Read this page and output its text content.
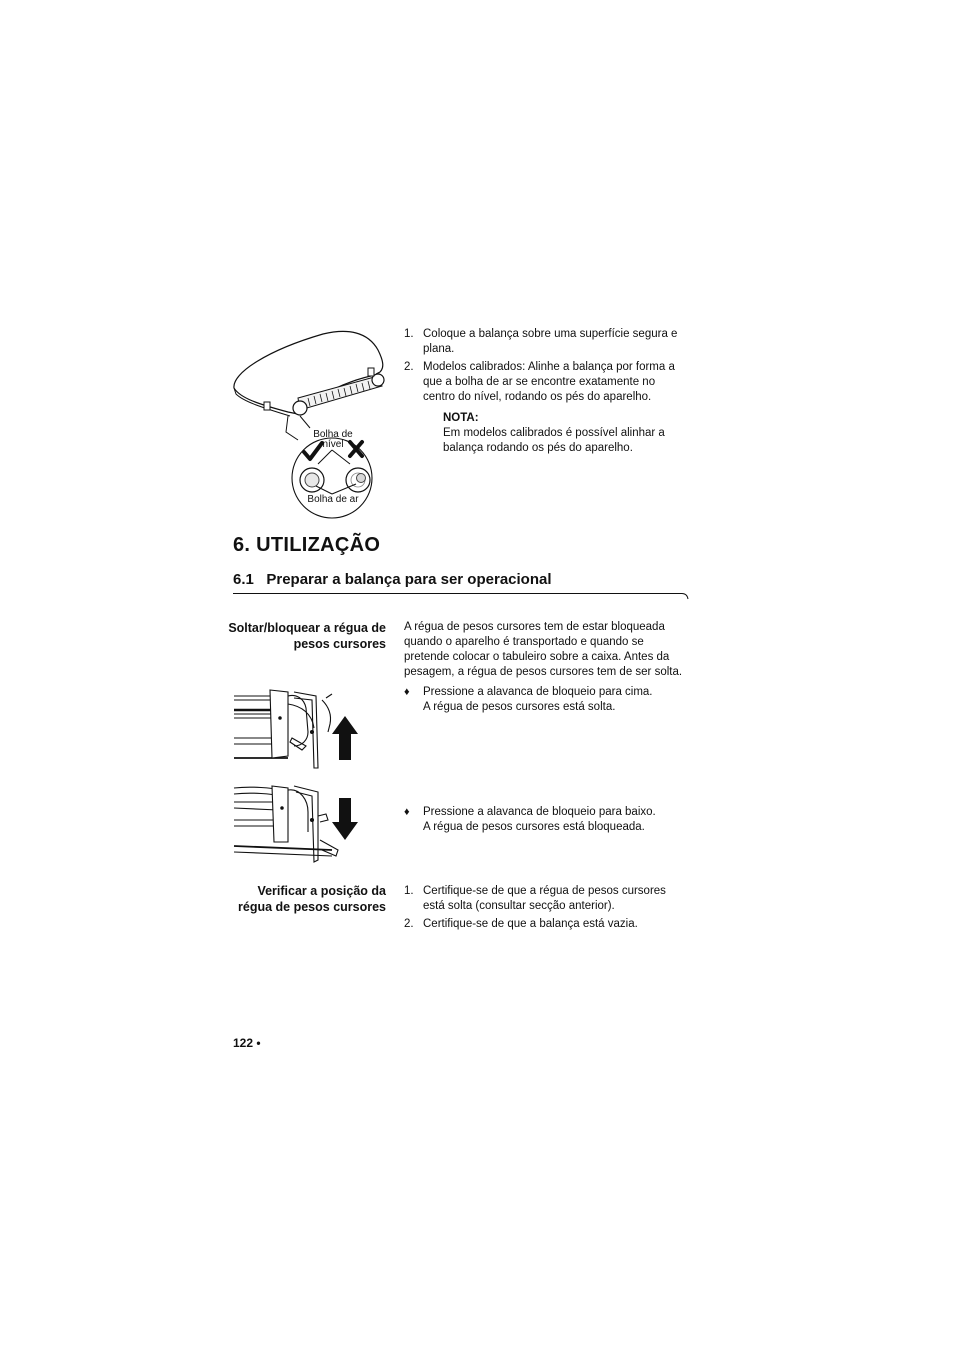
Bolha de nível
Bolha de ar
1. Coloque a balança sobre uma superfície segura e plana.
2. Modelos calibrados: Alinhe a balança por forma a que a bolha de ar se encontre exatamente no centro do nível, rodando os pés do aparelho.
NOTA:
Em modelos calibrados é possível alinhar a balança rodando os pés do aparelho.
6. UTILIZAÇÃO
6.1   Preparar a balança para ser operacional
Soltar/bloquear a régua de pesos cursores
A régua de pesos cursores tem de estar bloqueada quando o aparelho é transportado e quando se pretende colocar o tabuleiro sobre a caixa. Antes da pesagem, a régua de pesos cursores tem de ser solta.
♦ Pressione a alavanca de bloqueio para cima.
A régua de pesos cursores está solta.
♦ Pressione a alavanca de bloqueio para baixo.
A régua de pesos cursores está bloqueada.
Verificar a posição da régua de pesos cursores
1. Certifique-se de que a régua de pesos cursores está solta (consultar secção anterior).
2. Certifique-se de que a balança está vazia.
122 •
